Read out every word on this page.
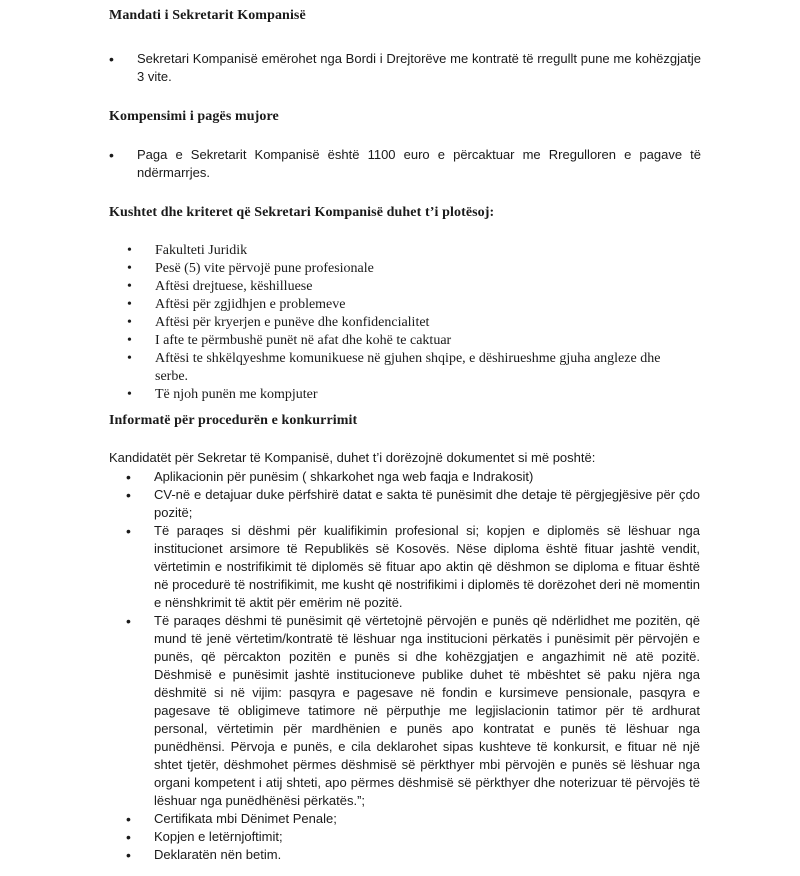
Mandati i Sekretarit Kompanisë
• Sekretari Kompanisë emërohet nga Bordi i Drejtorëve me kontratë të rregullt pune me kohëzgjatje 3 vite.
Kompensimi i pagës mujore
• Paga e Sekretarit Kompanisë është 1100 euro e përcaktuar me Rregulloren e pagave të ndërmarrjes.
Kushtet dhe kriteret që Sekretari Kompanisë duhet t’i plotësoj:
• Fakulteti Juridik
• Pesë (5) vite përvojë pune profesionale
• Aftësi drejtuese, këshilluese
• Aftësi për zgjidhjen e problemeve
• Aftësi për kryerjen e punëve dhe konfidencialitet
• I afte te përmbushë punët në afat dhe kohë te caktuar
• Aftësi te shkëlqyeshme komunikuese në gjuhen shqipe, e dëshirueshme gjuha angleze dhe serbe.
• Të njoh punën me kompjuter
Informatë për procedurën e konkurrimit

Kandidatët për Sekretar të Kompanisë, duhet t’i dorëzojnë dokumentet si më poshtë:

• Aplikacionin për punësim ( shkarkohet nga web faqja e Indrakosit)
• CV-në e detajuar duke përfshirë datat e sakta të punësimit dhe detaje të përgjegjësive për çdo pozitë;
• Të paraqes si dëshmi për kualifikimin profesional si; kopjen e diplomës së lëshuar nga institucionet arsimore të Republikës së Kosovës. Nëse diploma është fituar jashtë vendit, vërtetimin e nostrifikimit të diplomës së fituar apo aktin që dëshmon se diploma e fituar është në procedurë të nostrifikimit, me kusht që nostrifikimi i diplomës të dorëzohet deri në momentin e nënshkrimit të aktit për emërim në pozitë.
• Të paraqes dëshmi të punësimit që vërtetojnë përvojën e punës që ndërlidhet me pozitën, që mund të jenë vërtetim/kontratë të lëshuar nga institucioni përkatës i punësimit për përvojën e punës, që përcakton pozitën e punës si dhe kohëzgjatjen e angazhimit në atë pozitë. Dëshmisë e punësimit jashtë institucioneve publike duhet të mbështet së paku njëra nga dëshmitë si në vijim: pasqyra e pagesave në fondin e kursimeve pensionale, pasqyra e pagesave të obligimeve tatimore në përputhje me legjislacionin tatimor për të ardhurat personal, vërtetimin për mardhënien e punës apo kontratat e punës të lëshuar nga punëdhënsi. Përvoja e punës, e cila deklarohet sipas kushteve të konkursit, e fituar në një shtet tjetër, dëshmohet përmes dëshmisë së përkthyer mbi përvojën e punës së lëshuar nga organi kompetent i atij shteti, apo përmes dëshmisë së përkthyer dhe noterizuar të përvojës të lëshuar nga punëdhënësi përkatës.”;
• Certifikata mbi Dënimet Penale;
• Kopjen e letërnjoftimit;
• Deklaratën nën betim.
